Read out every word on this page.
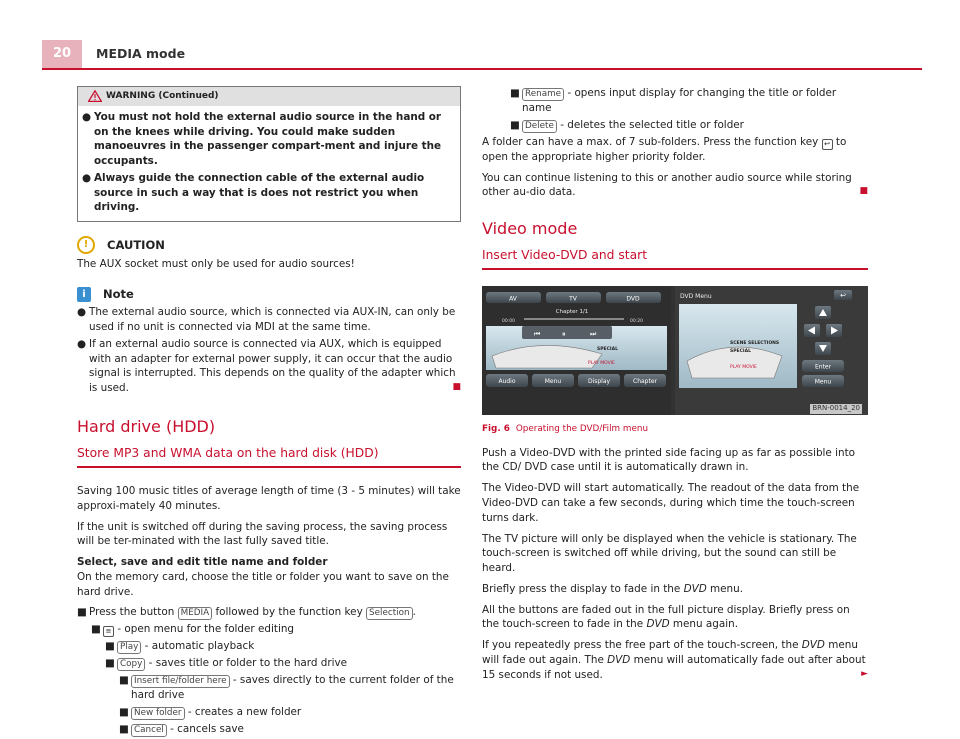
20	MEDIA mode
WARNING (Continued)
● You must not hold the external audio source in the hand or on the knees while driving. You could make sudden manoeuvres in the passenger compart-ment and injure the occupants.
● Always guide the connection cable of the external audio source in such a way that is does not restrict you when driving.
!	CAUTION

The AUX socket must only be used for audio sources!

i	Note
● The external audio source, which is connected via AUX-IN, can only be used if no unit is connected via MDI at the same time.
● If an external audio source is connected via AUX, which is equipped with an adapter for external power supply, it can occur that the audio signal is interrupted. This depends on the quality of the adapter which is used.	■
Hard drive (HDD)
Store MP3 and WMA data on the hard disk (HDD)

Saving 100 music titles of average length of time (3 - 5 minutes) will take approxi-mately 40 minutes.

If the unit is switched off during the saving process, the saving process will be ter-minated with the last fully saved title.

Select, save and edit title name and folder

On the memory card, choose the title or folder you want to save on the hard drive.

■ Press the button MEDIA followed by the function key Selection .
■ ≡ - open menu for the folder editing
■ Play - automatic playback
■ Copy - saves title or folder to the hard drive
■ Insert file/folder here - saves directly to the current folder of the hard drive
■ New folder - creates a new folder
■ Cancel - cancels save
■ Rename - opens input display for changing the title or folder name
■ Delete - deletes the selected title or folder

A folder can have a max. of 7 sub-folders. Press the function key ↩ to open the appropriate higher priority folder.

You can continue listening to this or another audio source while storing other au-dio data.	■

Video mode
Insert Video-DVD and start
AV	TV	DVD
Chapter 1/1
00:00	00:20
⏮	⏸	⏭
SPECIAL
PLAY MOVIE
Audio	Menu	Display	Chapter
DVD Menu	↩
SCENE SELECTIONS
SPECIAL
PLAY MOVIE	Enter
Menu
BRN-0014_20

Fig. 6 Operating the DVD/Film menu

Push a Video-DVD with the printed side facing up as far as possible into the CD/ DVD case until it is automatically drawn in.

The Video-DVD will start automatically. The readout of the data from the Video-DVD can take a few seconds, during which time the touch-screen turns dark.

The TV picture will only be displayed when the vehicle is stationary. The touch-screen is switched off while driving, but the sound can still be heard.

Briefly press the display to fade in the DVD menu.

All the buttons are faded out in the full picture display. Briefly press on the touch-screen to fade in the DVD menu again.

If you repeatedly press the free part of the touch-screen, the DVD menu will fade out again. The DVD menu will automatically fade out after about 15 seconds if not used.	►
